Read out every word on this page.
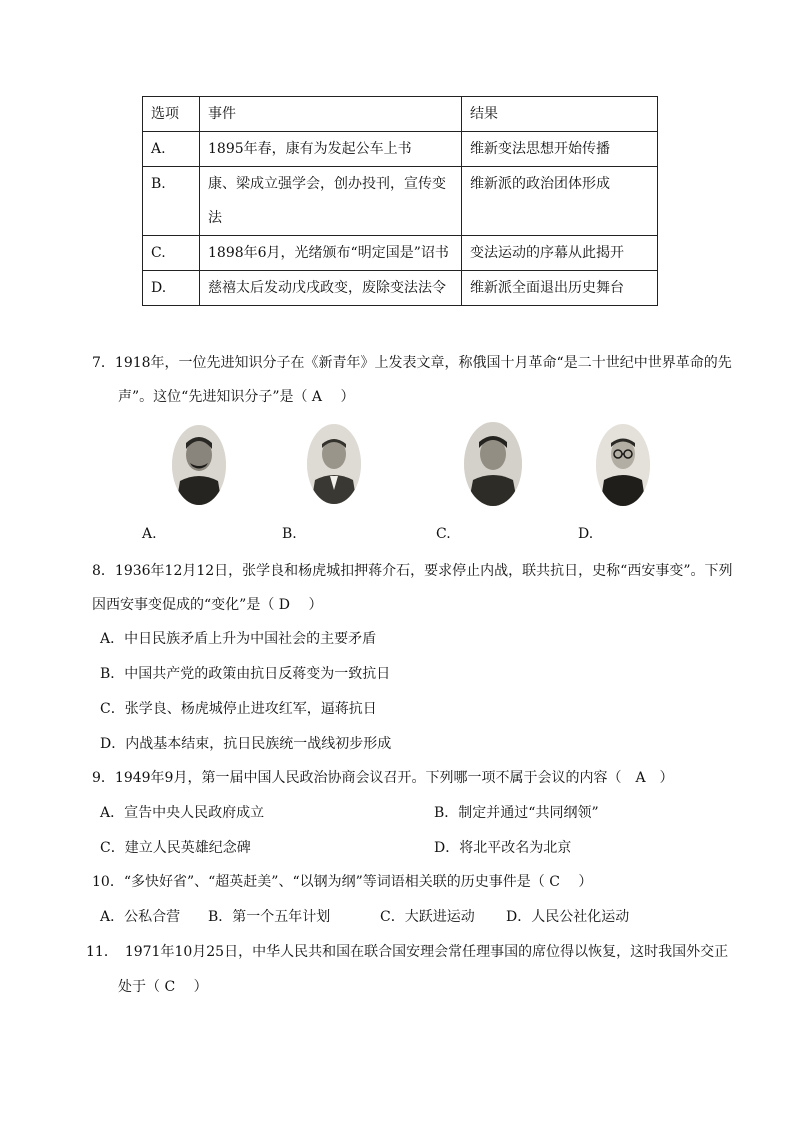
选项	事件	结果
A.	1895年春，康有为发起公车上书	维新变法思想开始传播
B.	康、梁成立强学会，创办投刊，宣传变法	维新派的政治团体形成
C.	1898年6月，光绪颁布“明定国是”诏书	变法运动的序幕从此揭开
D.	慈禧太后发动戊戌政变，废除变法法令	维新派全面退出历史舞台
7．1918年，一位先进知识分子在《新青年》上发表文章，称俄国十月革命“是二十世纪中世界革命的先
声”。这位“先进知识分子”是（ A　 ）
A.	B.	C.	D.
8．1936年12月12日，张学良和杨虎城扣押蒋介石，要求停止内战，联共抗日，史称“西安事变”。下列
因西安事变促成的“变化”是（ D　 ）
A．中日民族矛盾上升为中国社会的主要矛盾
B．中国共产党的政策由抗日反蒋变为一致抗日
C．张学良、杨虎城停止进攻红军，逼蒋抗日
D．内战基本结束，抗日民族统一战线初步形成
9．1949年9月，第一届中国人民政治协商会议召开。下列哪一项不属于会议的内容（　A　）
A．宣告中央人民政府成立	B．制定并通过“共同纲领”
C．建立人民英雄纪念碑	D．将北平改名为北京
10．“多快好省”、“超英赶美”、“以钢为纲”等词语相关联的历史事件是（ C　 ）
A．公私合营 B．第一个五年计划	C．大跃进运动 D．人民公社化运动
11．　1971年10月25日，中华人民共和国在联合国安理会常任理事国的席位得以恢复，这时我国外交正
处于（ C　 ）
